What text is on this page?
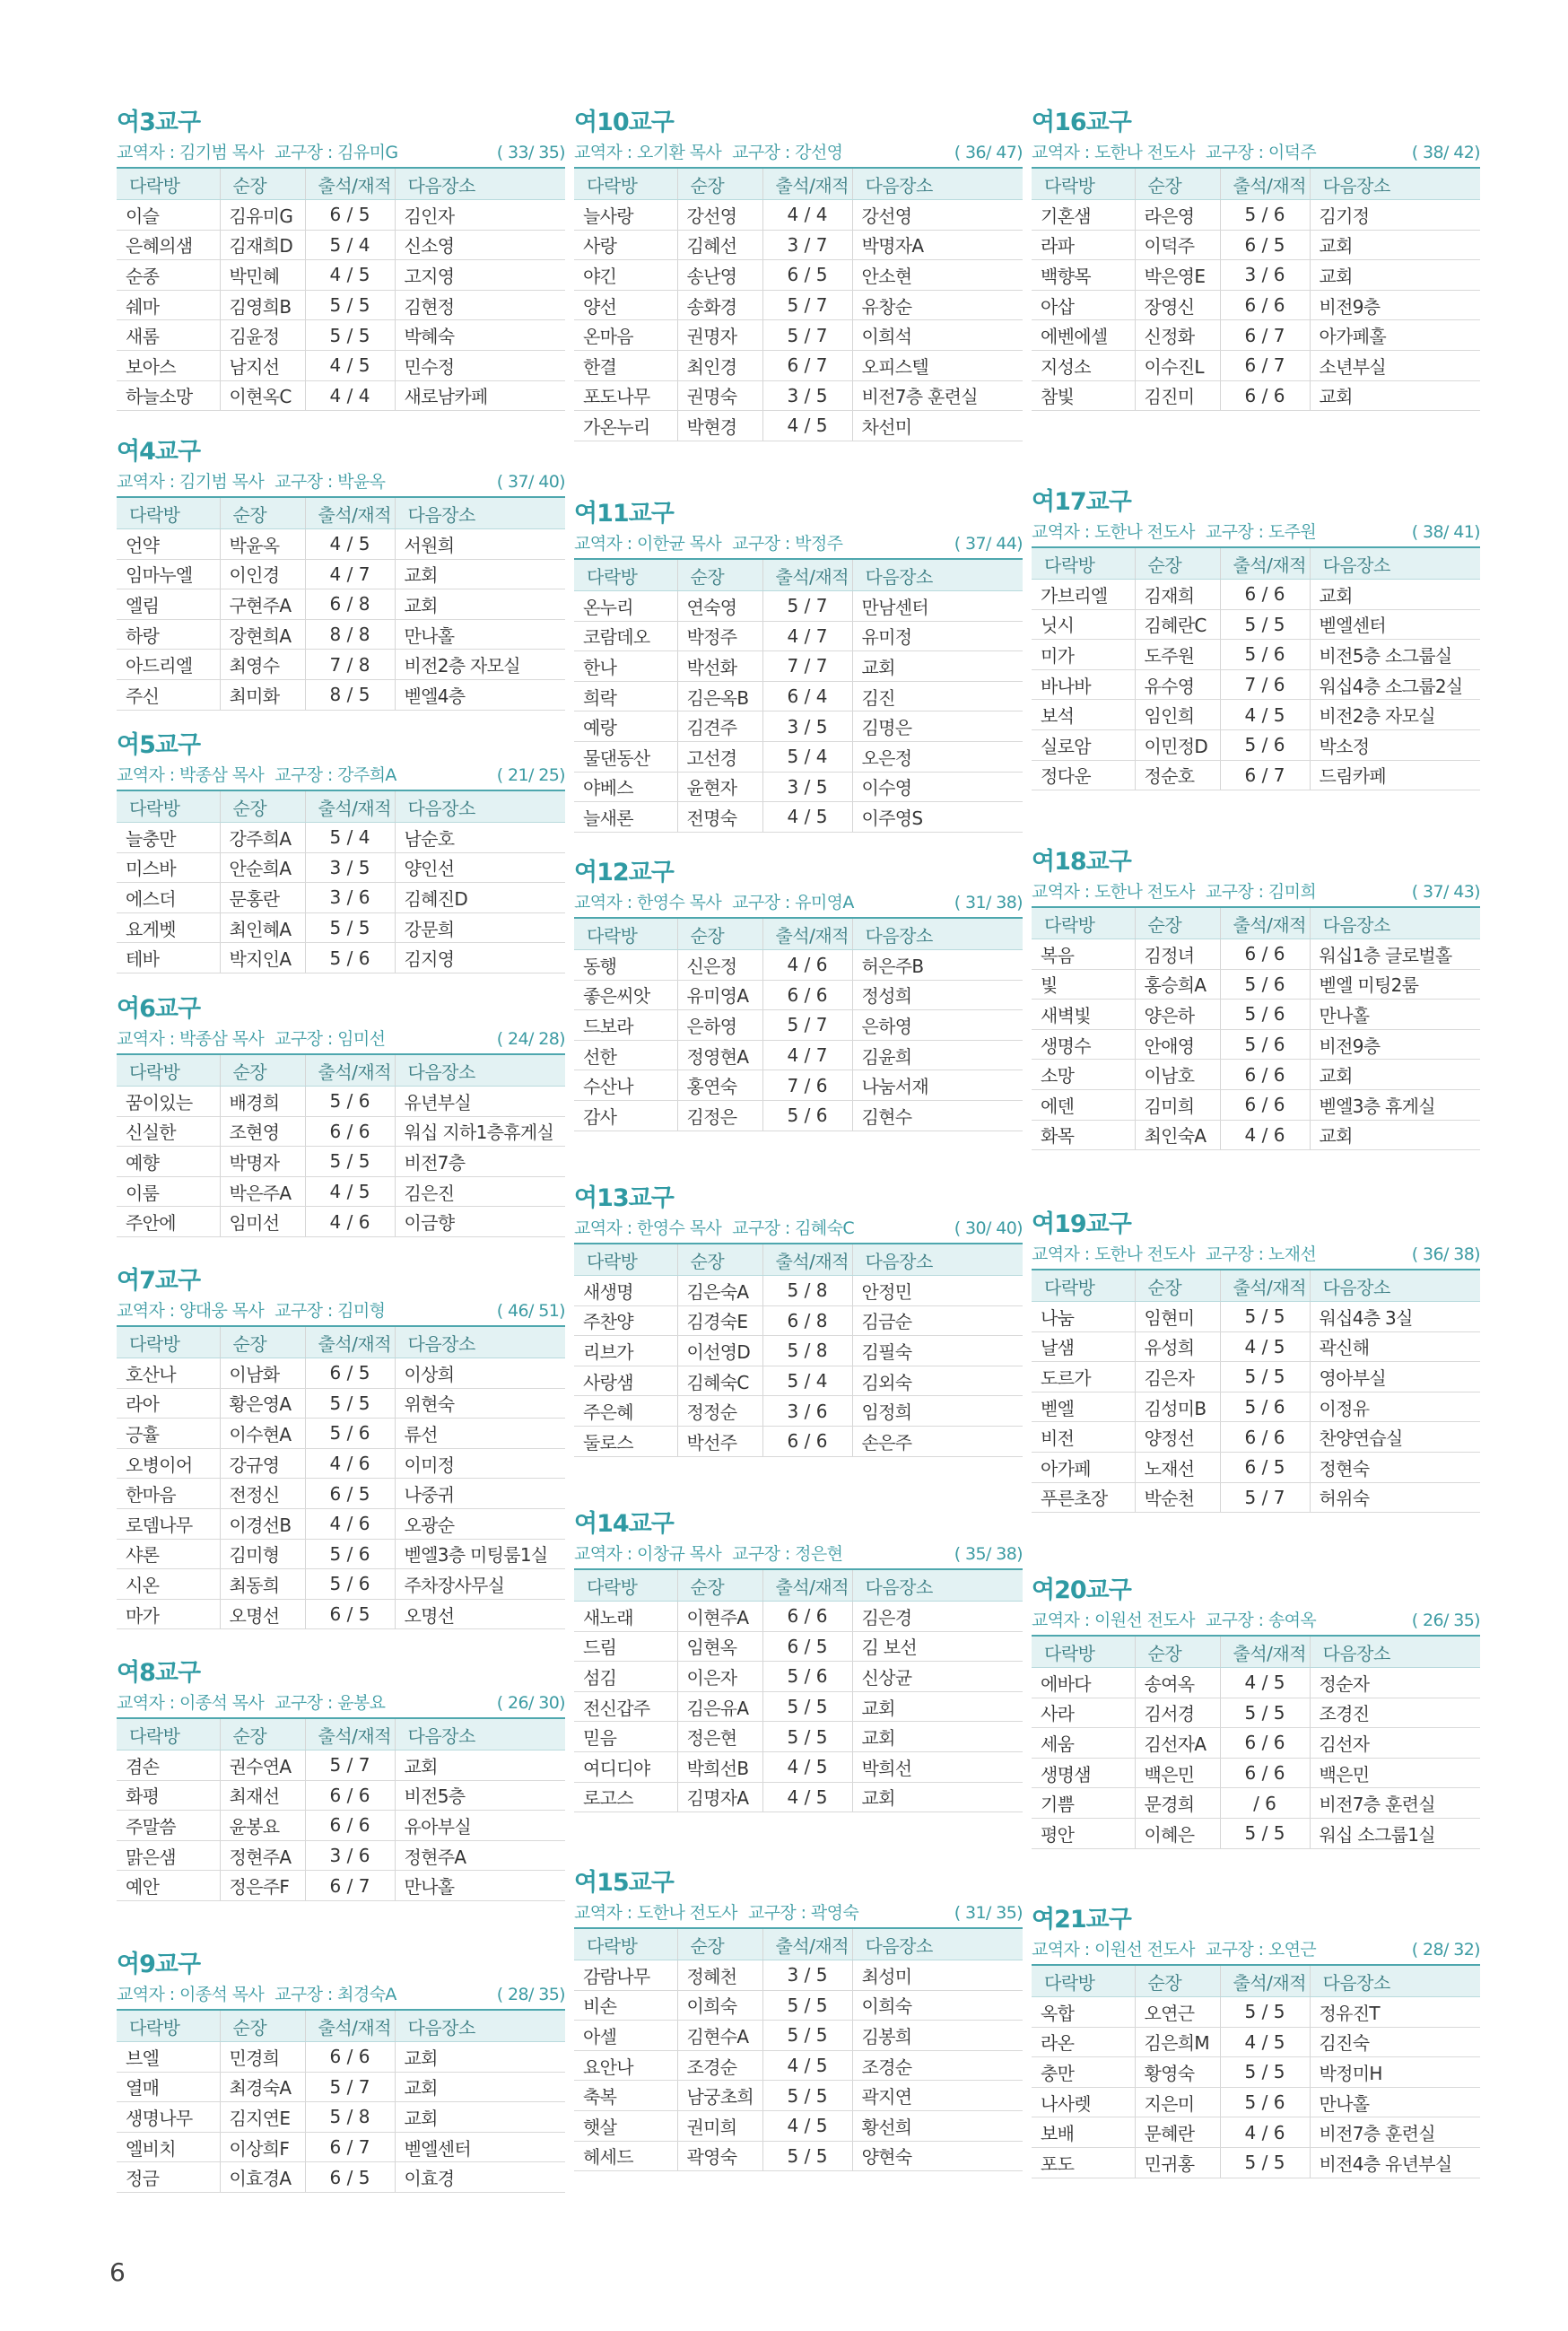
여3교구
교역자 : 김기범 목사 교구장 : 김유미G	( 33/ 35)
다락방	순장	출석/재적	다음장소
이슬	김유미G	6 / 5	김인자
은혜의샘	김재희D	5 / 4	신소영
순종	박민혜	4 / 5	고지영
쉐마	김영희B	5 / 5	김현정
새롬	김윤정	5 / 5	박혜숙
보아스	남지선	4 / 5	민수정
하늘소망	이현옥C	4 / 4	새로남카페
여4교구
교역자 : 김기범 목사 교구장 : 박윤옥	( 37/ 40)
다락방	순장	출석/재적	다음장소
언약	박윤옥	4 / 5	서원희
임마누엘	이인경	4 / 7	교회
엘림	구현주A	6 / 8	교회
하랑	장현희A	8 / 8	만나홀
아드리엘	최영수	7 / 8	비전2층 자모실
주신	최미화	8 / 5	벧엘4층
여5교구
교역자 : 박종삼 목사 교구장 : 강주희A	( 21/ 25)
다락방	순장	출석/재적	다음장소
늘충만	강주희A	5 / 4	남순호
미스바	안순희A	3 / 5	양인선
에스더	문홍란	3 / 6	김혜진D
요게벳	최인혜A	5 / 5	강문희
테바	박지인A	5 / 6	김지영
여6교구
교역자 : 박종삼 목사 교구장 : 임미선	( 24/ 28)
다락방	순장	출석/재적	다음장소
꿈이있는	배경희	5 / 6	유년부실
신실한	조현영	6 / 6	워십 지하1층휴게실
예향	박명자	5 / 5	비전7층
이룸	박은주A	4 / 5	김은진
주안에	임미선	4 / 6	이금향
여7교구
교역자 : 양대웅 목사 교구장 : 김미형	( 46/ 51)
다락방	순장	출석/재적	다음장소
호산나	이남화	6 / 5	이상희
라아	황은영A	5 / 5	위현숙
긍휼	이수현A	5 / 6	류선
오병이어	강규영	4 / 6	이미정
한마음	전정신	6 / 5	나중귀
로뎀나무	이경선B	4 / 6	오광순
샤론	김미형	5 / 6	벧엘3층 미팅룸1실
시온	최동희	5 / 6	주차장사무실
마가	오명선	6 / 5	오명선
여8교구
교역자 : 이종석 목사 교구장 : 윤봉요	( 26/ 30)
다락방	순장	출석/재적	다음장소
겸손	권수연A	5 / 7	교회
화평	최재선	6 / 6	비전5층
주말씀	윤봉요	6 / 6	유아부실
맑은샘	정현주A	3 / 6	정현주A
예안	정은주F	6 / 7	만나홀
여9교구
교역자 : 이종석 목사 교구장 : 최경숙A	( 28/ 35)
다락방	순장	출석/재적	다음장소
브엘	민경희	6 / 6	교회
열매	최경숙A	5 / 7	교회
생명나무	김지연E	5 / 8	교회
엘비치	이상희F	6 / 7	벧엘센터
정금	이효경A	6 / 5	이효경
여10교구
교역자 : 오기환 목사 교구장 : 강선영	( 36/ 47)
다락방	순장	출석/재적	다음장소
늘사랑	강선영	4 / 4	강선영
사랑	김혜선	3 / 7	박명자A
야긴	송난영	6 / 5	안소현
양선	송화경	5 / 7	유창순
온마음	권명자	5 / 7	이희석
한결	최인경	6 / 7	오피스텔
포도나무	권명숙	3 / 5	비전7층 훈련실
가온누리	박현경	4 / 5	차선미
여11교구
교역자 : 이한균 목사 교구장 : 박정주	( 37/ 44)
다락방	순장	출석/재적	다음장소
온누리	연숙영	5 / 7	만남센터
코람데오	박정주	4 / 7	유미정
한나	박선화	7 / 7	교회
희락	김은옥B	6 / 4	김진
예랑	김견주	3 / 5	김명은
물댄동산	고선경	5 / 4	오은정
야베스	윤현자	3 / 5	이수영
늘새론	전명숙	4 / 5	이주영S
여12교구
교역자 : 한영수 목사 교구장 : 유미영A	( 31/ 38)
다락방	순장	출석/재적	다음장소
동행	신은정	4 / 6	허은주B
좋은씨앗	유미영A	6 / 6	정성희
드보라	은하영	5 / 7	은하영
선한	정영현A	4 / 7	김윤희
수산나	홍연숙	7 / 6	나눔서재
감사	김정은	5 / 6	김현수
여13교구
교역자 : 한영수 목사 교구장 : 김혜숙C	( 30/ 40)
다락방	순장	출석/재적	다음장소
새생명	김은숙A	5 / 8	안정민
주찬양	김경숙E	6 / 8	김금순
리브가	이선영D	5 / 8	김필숙
사랑샘	김혜숙C	5 / 4	김외숙
주은혜	정정순	3 / 6	임정희
둘로스	박선주	6 / 6	손은주
여14교구
교역자 : 이창규 목사 교구장 : 정은현	( 35/ 38)
다락방	순장	출석/재적	다음장소
새노래	이현주A	6 / 6	김은경
드림	임현옥	6 / 5	김 보선
섬김	이은자	5 / 6	신상균
전신갑주	김은유A	5 / 5	교회
믿음	정은현	5 / 5	교회
여디디야	박희선B	4 / 5	박희선
로고스	김명자A	4 / 5	교회
여15교구
교역자 : 도한나 전도사 교구장 : 곽영숙	( 31/ 35)
다락방	순장	출석/재적	다음장소
감람나무	정혜천	3 / 5	최성미
비손	이희숙	5 / 5	이희숙
아셀	김현수A	5 / 5	김봉희
요안나	조경순	4 / 5	조경순
축복	남궁초희	5 / 5	곽지연
햇살	권미희	4 / 5	황선희
헤세드	곽영숙	5 / 5	양현숙
여16교구
교역자 : 도한나 전도사 교구장 : 이덕주	( 38/ 42)
다락방	순장	출석/재적	다음장소
기혼샘	라은영	5 / 6	김기정
라파	이덕주	6 / 5	교회
백향목	박은영E	3 / 6	교회
아삽	장영신	6 / 6	비전9층
에벤에셀	신정화	6 / 7	아가페홀
지성소	이수진L	6 / 7	소년부실
참빛	김진미	6 / 6	교회
여17교구
교역자 : 도한나 전도사 교구장 : 도주원	( 38/ 41)
다락방	순장	출석/재적	다음장소
가브리엘	김재희	6 / 6	교회
닛시	김혜란C	5 / 5	벧엘센터
미가	도주원	5 / 6	비전5층 소그룹실
바나바	유수영	7 / 6	워십4층 소그룹2실
보석	임인희	4 / 5	비전2층 자모실
실로암	이민정D	5 / 6	박소정
정다운	정순호	6 / 7	드림카페
여18교구
교역자 : 도한나 전도사 교구장 : 김미희	( 37/ 43)
다락방	순장	출석/재적	다음장소
복음	김정녀	6 / 6	워십1층 글로벌홀
빛	홍승희A	5 / 6	벧엘 미팅2룸
새벽빛	양은하	5 / 6	만나홀
생명수	안애영	5 / 6	비전9층
소망	이남호	6 / 6	교회
에덴	김미희	6 / 6	벧엘3층 휴게실
화목	최인숙A	4 / 6	교회
여19교구
교역자 : 도한나 전도사 교구장 : 노재선	( 36/ 38)
다락방	순장	출석/재적	다음장소
나눔	임현미	5 / 5	워십4층 3실
날샘	유성희	4 / 5	곽신해
도르가	김은자	5 / 5	영아부실
벧엘	김성미B	5 / 6	이정유
비전	양정선	6 / 6	찬양연습실
아가페	노재선	6 / 5	정현숙
푸른초장	박순천	5 / 7	허위숙
여20교구
교역자 : 이원선 전도사 교구장 : 송여옥	( 26/ 35)
다락방	순장	출석/재적	다음장소
에바다	송여옥	4 / 5	정순자
사라	김서경	5 / 5	조경진
세움	김선자A	6 / 6	김선자
생명샘	백은민	6 / 6	백은민
기쁨	문경희	/ 6	비전7층 훈련실
평안	이혜은	5 / 5	워십 소그룹1실
여21교구
교역자 : 이원선 전도사 교구장 : 오연근	( 28/ 32)
다락방	순장	출석/재적	다음장소
옥합	오연근	5 / 5	정유진T
라온	김은희M	4 / 5	김진숙
충만	황영숙	5 / 5	박정미H
나사렛	지은미	5 / 6	만나홀
보배	문혜란	4 / 6	비전7층 훈련실
포도	민귀홍	5 / 5	비전4층 유년부실
6
